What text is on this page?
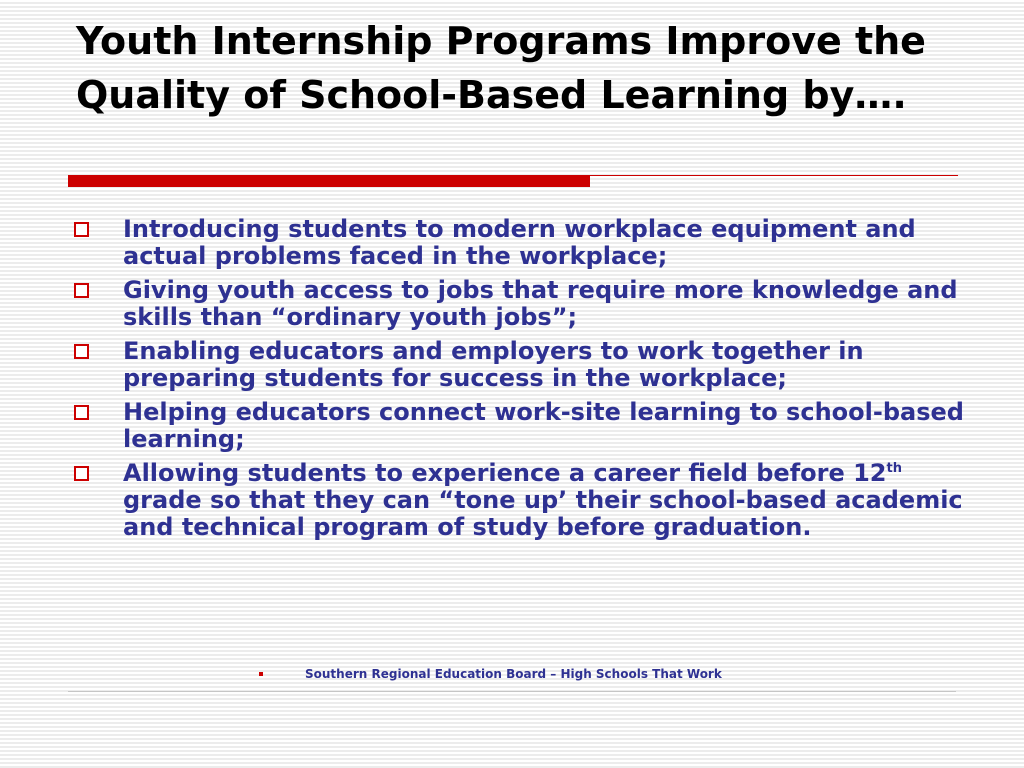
Youth Internship Programs Improve the Quality of School-Based Learning by….
Introducing students to modern workplace equipment and actual problems faced in the workplace;
Giving youth access to jobs that require more knowledge and skills than “ordinary youth jobs”;
Enabling educators and employers to work together in preparing students for success in the workplace;
Helping educators connect work-site learning to school-based learning;
Allowing students to experience a career field before 12th grade so that they can “tone up’ their school-based academic and technical program of study before graduation.
Southern Regional Education Board – High Schools That Work
